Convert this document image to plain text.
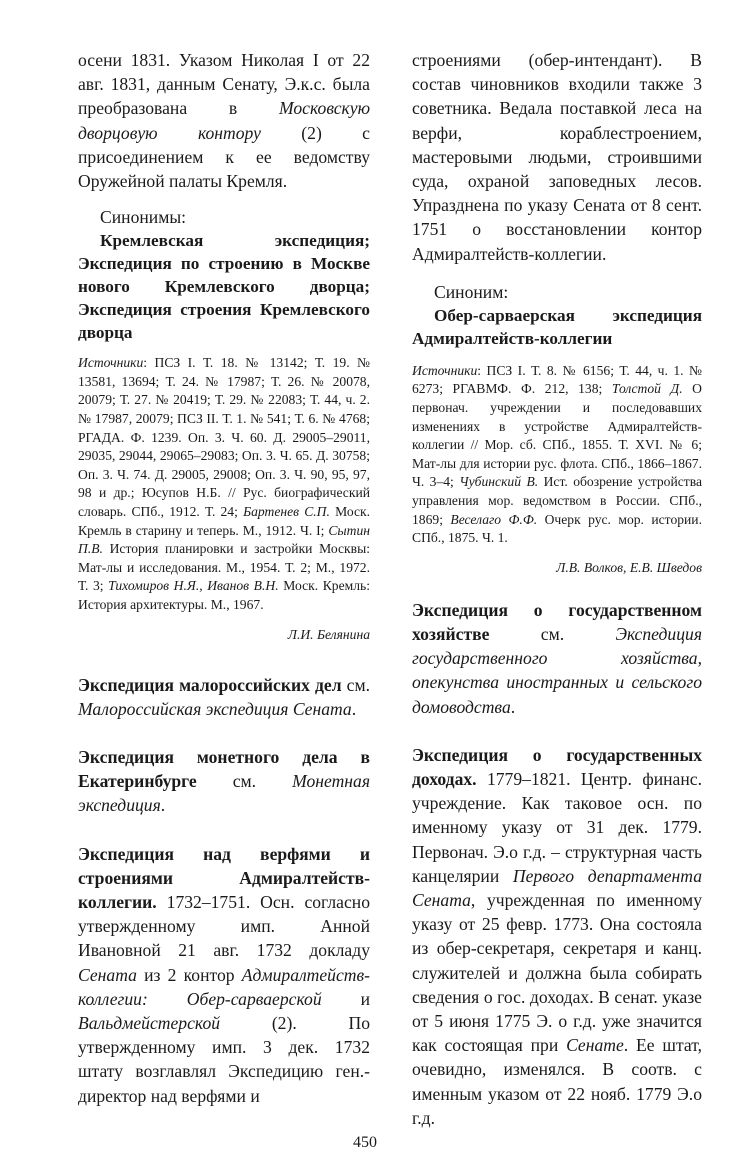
осени 1831. Указом Николая I от 22 авг. 1831, данным Сенату, Э.к.с. была преобразована в Московскую дворцовую контору (2) с присоединением к ее ведомству Оружейной палаты Кремля.

Синонимы:

Кремлевская экспедиция; Экспедиция по строению в Москве нового Кремлевского дворца; Экспедиция строения Кремлевского дворца

Источники: ПСЗ I. Т. 18. № 13142; Т. 19. № 13581, 13694; Т. 24. № 17987; Т. 26. № 20078, 20079; Т. 27. № 20419; Т. 29. № 22083; Т. 44, ч. 2. № 17987, 20079; ПСЗ II. Т. 1. № 541; Т. 6. № 4768; РГАДА. Ф. 1239. Оп. 3. Ч. 60. Д. 29005–29011, 29035, 29044, 29065–29083; Оп. 3. Ч. 65. Д. 30758; Оп. 3. Ч. 74. Д. 29005, 29008; Оп. 3. Ч. 90, 95, 97, 98 и др.; Юсупов Н.Б. // Рус. биографический словарь. СПб., 1912. Т. 24; Бартенев С.П. Моск. Кремль в старину и теперь. М., 1912. Ч. I; Сытин П.В. История планировки и застройки Москвы: Мат-лы и исследования. М., 1954. Т. 2; М., 1972. Т. 3; Тихомиров Н.Я., Иванов В.Н. Моск. Кремль: История архитектуры. М., 1967.

Л.И. Белянина

Экспедиция малороссийских дел см. Малороссийская экспедиция Сената.

Экспедиция монетного дела в Екатеринбурге см. Монетная экспедиция.

Экспедиция над верфями и строениями Адмиралтейств-коллегии. 1732–1751. Осн. согласно утвержденному имп. Анной Ивановной 21 авг. 1732 докладу Сената из 2 контор Адмиралтейств-коллегии: Обер-сарваерской и Вальдмейстерской (2). По утвержденному имп. 3 дек. 1732 штату возглавлял Экспедицию ген.-директор над верфями и

строениями (обер-интендант). В состав чиновников входили также 3 советника. Ведала поставкой леса на верфи, кораблестроением, мастеровыми людьми, строившими суда, охраной заповедных лесов. Упразднена по указу Сената от 8 сент. 1751 о восстановлении контор Адмиралтейств-коллегии.

Синоним:

Обер-сарваерская экспедиция Адмиралтейств-коллегии

Источники: ПСЗ I. Т. 8. № 6156; Т. 44, ч. 1. № 6273; РГАВМФ. Ф. 212, 138; Толстой Д. О первонач. учреждении и последовавших изменениях в устройстве Адмиралтейств-коллегии // Мор. сб. СПб., 1855. Т. XVI. № 6; Мат-лы для истории рус. флота. СПб., 1866–1867. Ч. 3–4; Чубинский В. Ист. обозрение устройства управления мор. ведомством в России. СПб., 1869; Веселаго Ф.Ф. Очерк рус. мор. истории. СПб., 1875. Ч. 1.

Л.В. Волков, Е.В. Шведов

Экспедиция о государственном хозяйстве см. Экспедиция государственного хозяйства, опекунства иностранных и сельского домоводства.

Экспедиция о государственных доходах. 1779–1821. Центр. финанс. учреждение. Как таковое осн. по именному указу от 31 дек. 1779. Первонач. Э.о г.д. – структурная часть канцелярии Первого департамента Сената, учрежденная по именному указу от 25 февр. 1773. Она состояла из обер-секретаря, секретаря и канц. служителей и должна была собирать сведения о гос. доходах. В сенат. указе от 5 июня 1775 Э. о г.д. уже значится как состоящая при Сенате. Ее штат, очевидно, изменялся. В соотв. с именным указом от 22 нояб. 1779 Э.о г.д.

450
